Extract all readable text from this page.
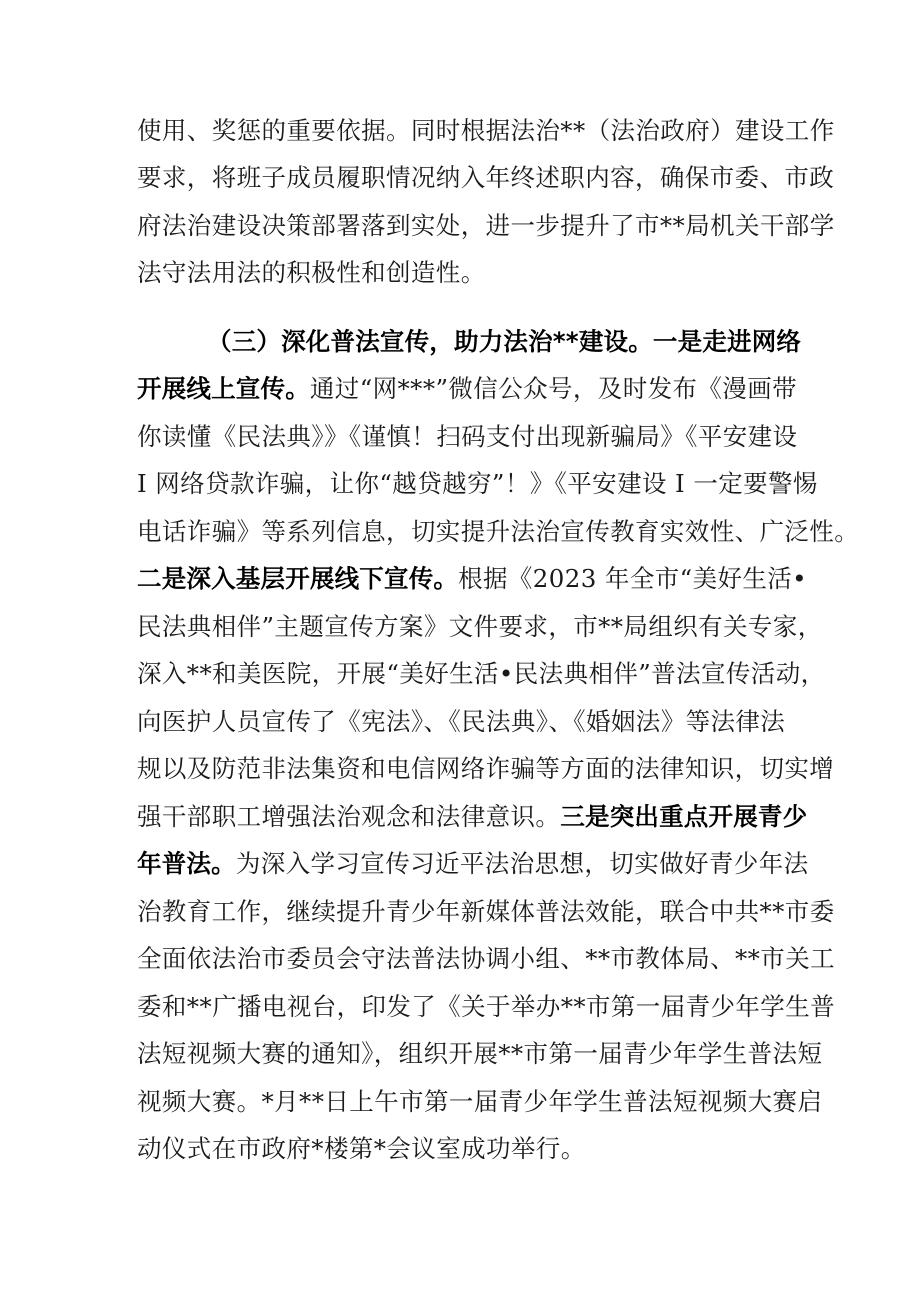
使用、奖惩的重要依据。同时根据法治**（法治政府）建设工作
要求，将班子成员履职情况纳入年终述职内容，确保市委、市政
府法治建设决策部署落到实处，进一步提升了市**局机关干部学
法守法用法的积极性和创造性。
（三）深化普法宣传，助力法治**建设。一是走进网络
开展线上宣传。通过“网***”微信公众号，及时发布《漫画带
你读懂《民法典》》《谨慎！扫码支付出现新骗局》《平安建设
I 网络贷款诈骗，让你“越贷越穷”！》《平安建设 I 一定要警惕
电话诈骗》等系列信息，切实提升法治宣传教育实效性、广泛性。
二是深入基层开展线下宣传。根据《2023 年全市“美好生活•
民法典相伴”主题宣传方案》文件要求，市**局组织有关专家，
深入**和美医院，开展“美好生活•民法典相伴”普法宣传活动，
向医护人员宣传了《宪法》、《民法典》、《婚姻法》等法律法
规以及防范非法集资和电信网络诈骗等方面的法律知识，切实增
强干部职工增强法治观念和法律意识。三是突出重点开展青少
年普法。为深入学习宣传习近平法治思想，切实做好青少年法
治教育工作，继续提升青少年新媒体普法效能，联合中共**市委
全面依法治市委员会守法普法协调小组、**市教体局、**市关工
委和**广播电视台，印发了《关于举办**市第一届青少年学生普
法短视频大赛的通知》，组织开展**市第一届青少年学生普法短
视频大赛。*月**日上午市第一届青少年学生普法短视频大赛启
动仪式在市政府*楼第*会议室成功举行。
